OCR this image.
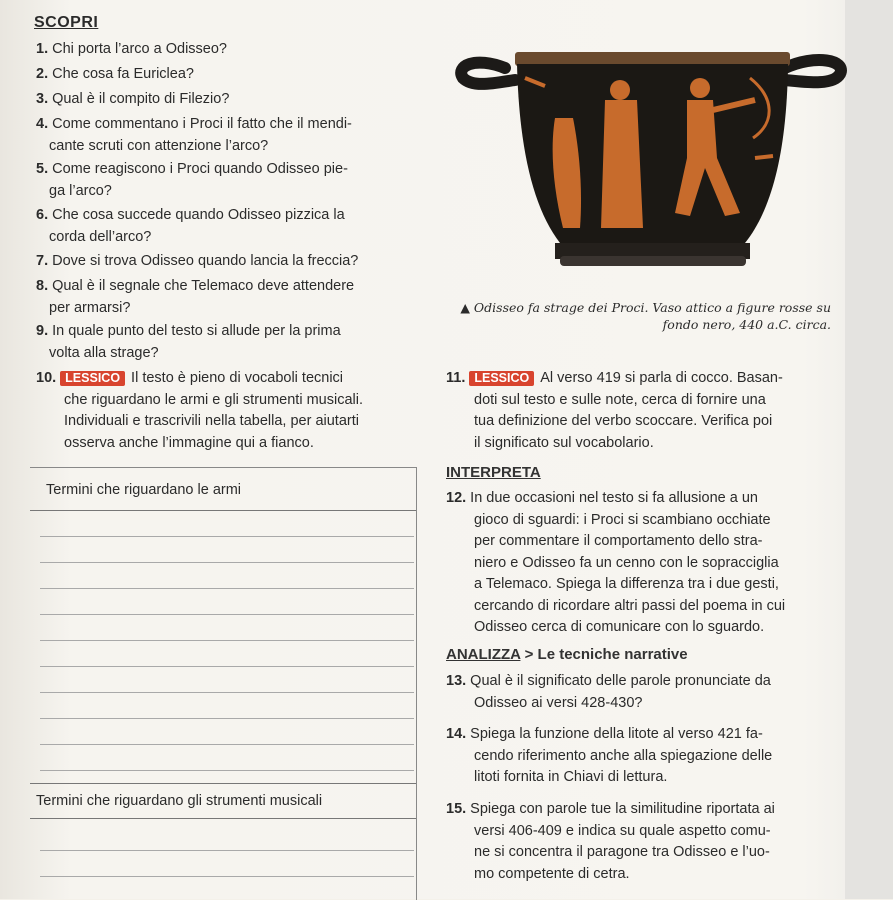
SCOPRI
1. Chi porta l’arco a Odisseo?
2. Che cosa fa Euriclea?
3. Qual è il compito di Filezio?
4. Come commentano i Proci il fatto che il mendi-
cante scruti con attenzione l’arco?
5. Come reagiscono i Proci quando Odisseo pie-
ga l’arco?
6. Che cosa succede quando Odisseo pizzica la
corda dell’arco?
7. Dove si trova Odisseo quando lancia la freccia?
8. Qual è il segnale che Telemaco deve attendere
per armarsi?
9. In quale punto del testo si allude per la prima
volta alla strage?
▲ Odisseo fa strage dei Proci. Vaso attico a figure rosse su
fondo nero, 440 a.C. circa.
10. LESSICO Il testo è pieno di vocaboli tecnici
che riguardano le armi e gli strumenti musicali.
Individuali e trascrivili nella tabella, per aiutarti
osserva anche l’immagine qui a fianco.
11. LESSICO Al verso 419 si parla di cocco. Basan-
doti sul testo e sulle note, cerca di fornire una
tua definizione del verbo scoccare. Verifica poi
il significato sul vocabolario.
Termini che riguardano le armi
Termini che riguardano gli strumenti musicali
INTERPRETA
12. In due occasioni nel testo si fa allusione a un
gioco di sguardi: i Proci si scambiano occhiate
per commentare il comportamento dello stra-
niero e Odisseo fa un cenno con le sopracciglia
a Telemaco. Spiega la differenza tra i due gesti,
cercando di ricordare altri passi del poema in cui
Odisseo cerca di comunicare con lo sguardo.
ANALIZZA > Le tecniche narrative
13. Qual è il significato delle parole pronunciate da
Odisseo ai versi 428-430?
14. Spiega la funzione della litote al verso 421 fa-
cendo riferimento anche alla spiegazione delle
litoti fornita in Chiavi di lettura.
15. Spiega con parole tue la similitudine riportata ai
versi 406-409 e indica su quale aspetto comu-
ne si concentra il paragone tra Odisseo e l’uo-
mo competente di cetra.
